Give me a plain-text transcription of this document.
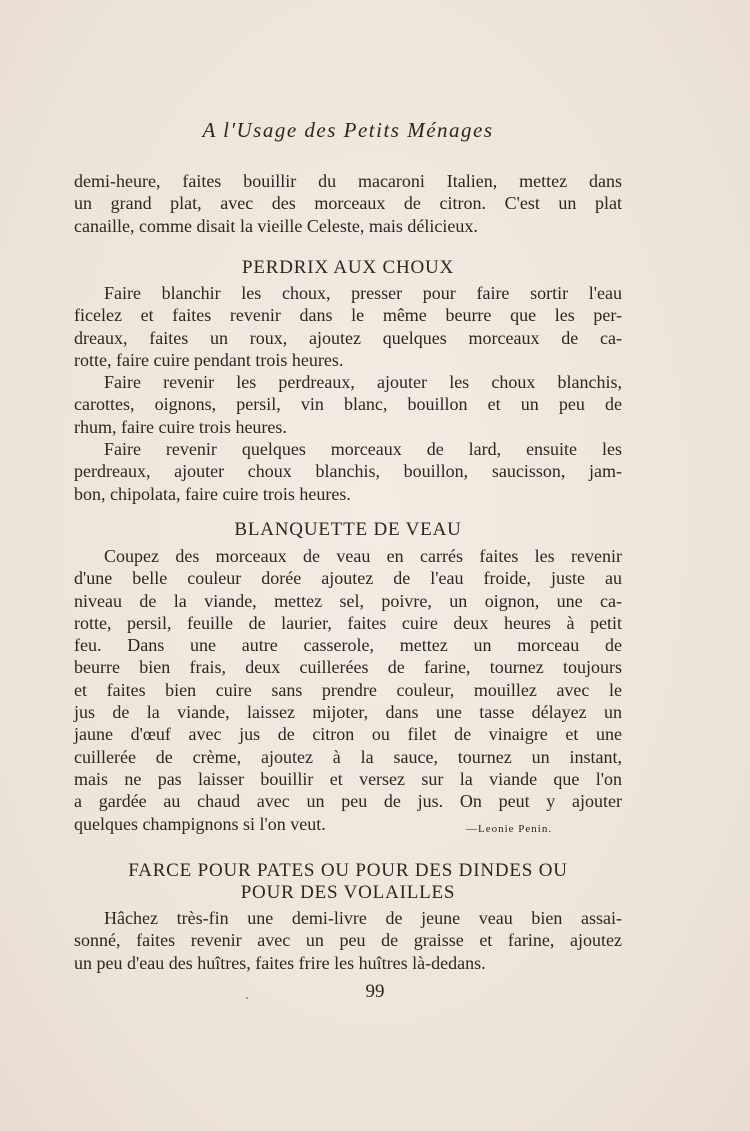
A l'Usage des Petits Ménages
demi-heure, faites bouillir du macaroni Italien, mettez dans
un grand plat, avec des morceaux de citron. C'est un plat
canaille, comme disait la vieille Celeste, mais délicieux.
PERDRIX AUX CHOUX
Faire blanchir les choux, presser pour faire sortir l'eau
ficelez et faites revenir dans le même beurre que les per-
dreaux, faites un roux, ajoutez quelques morceaux de ca-
rotte, faire cuire pendant trois heures.
Faire revenir les perdreaux, ajouter les choux blanchis,
carottes, oignons, persil, vin blanc, bouillon et un peu de
rhum, faire cuire trois heures.
Faire revenir quelques morceaux de lard, ensuite les
perdreaux, ajouter choux blanchis, bouillon, saucisson, jam-
bon, chipolata, faire cuire trois heures.
BLANQUETTE DE VEAU
Coupez des morceaux de veau en carrés faites les revenir
d'une belle couleur dorée ajoutez de l'eau froide, juste au
niveau de la viande, mettez sel, poivre, un oignon, une ca-
rotte, persil, feuille de laurier, faites cuire deux heures à petit
feu. Dans une autre casserole, mettez un morceau de
beurre bien frais, deux cuillerées de farine, tournez toujours
et faites bien cuire sans prendre couleur, mouillez avec le
jus de la viande, laissez mijoter, dans une tasse délayez un
jaune d'œuf avec jus de citron ou filet de vinaigre et une
cuillerée de crème, ajoutez à la sauce, tournez un instant,
mais ne pas laisser bouillir et versez sur la viande que l'on
a gardée au chaud avec un peu de jus. On peut y ajouter
quelques champignons si l'on veut.	—Leonie Penin.
FARCE POUR PATES OU POUR DES DINDES OU
POUR DES VOLAILLES
Hâchez très-fin une demi-livre de jeune veau bien assai-
sonné, faites revenir avec un peu de graisse et farine, ajoutez
un peu d'eau des huîtres, faites frire les huîtres là-dedans.
99
